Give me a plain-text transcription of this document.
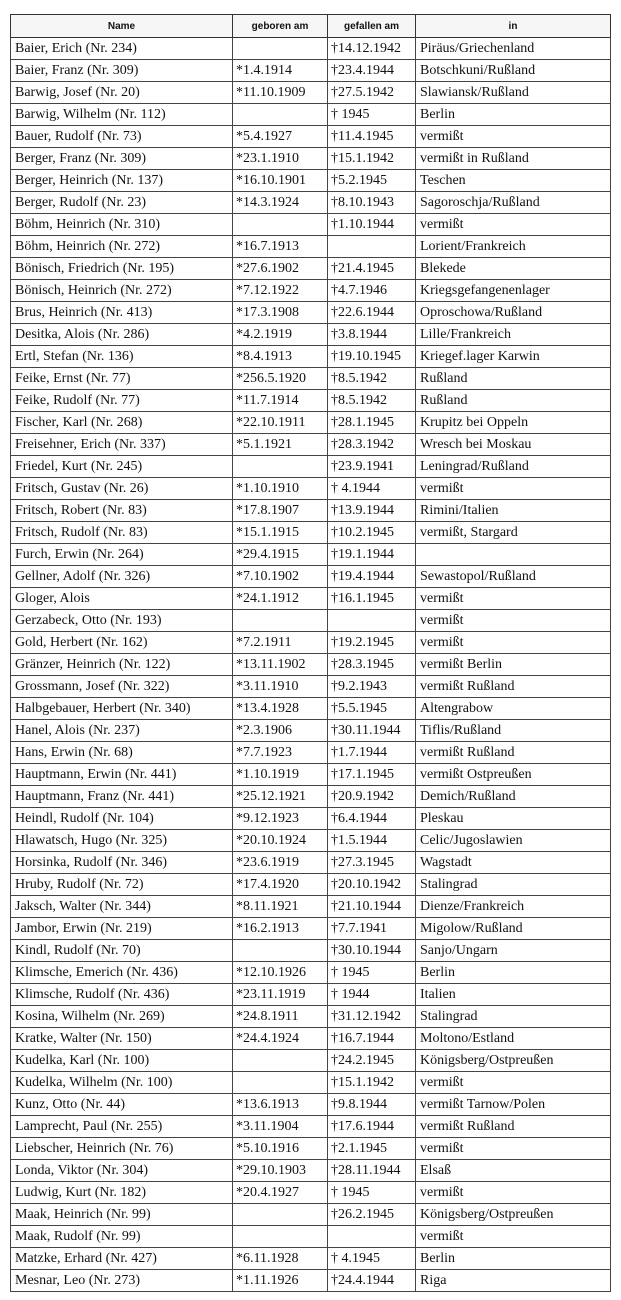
Name	geboren am	gefallen am	in
Baier, Erich (Nr. 234)		†14.12.1942	Piräus/Griechenland
Baier, Franz (Nr. 309)	*1.4.1914	†23.4.1944	Botschkuni/Rußland
Barwig, Josef (Nr. 20)	*11.10.1909	†27.5.1942	Slawiansk/Rußland
Barwig, Wilhelm (Nr. 112)		† 1945	Berlin
Bauer, Rudolf (Nr. 73)	*5.4.1927	†11.4.1945	vermißt
Berger, Franz (Nr. 309)	*23.1.1910	†15.1.1942	vermißt in Rußland
Berger, Heinrich (Nr. 137)	*16.10.1901	†5.2.1945	Teschen
Berger, Rudolf (Nr. 23)	*14.3.1924	†8.10.1943	Sagoroschja/Rußland
Böhm, Heinrich (Nr. 310)		†1.10.1944	vermißt
Böhm, Heinrich (Nr. 272)	*16.7.1913		Lorient/Frankreich
Bönisch, Friedrich (Nr. 195)	*27.6.1902	†21.4.1945	Blekede
Bönisch, Heinrich (Nr. 272)	*7.12.1922	†4.7.1946	Kriegsgefangenenlager
Brus, Heinrich (Nr. 413)	*17.3.1908	†22.6.1944	Oproschowa/Rußland
Desitka, Alois (Nr. 286)	*4.2.1919	†3.8.1944	Lille/Frankreich
Ertl, Stefan (Nr. 136)	*8.4.1913	†19.10.1945	Kriegef.lager Karwin
Feike, Ernst (Nr. 77)	*256.5.1920	†8.5.1942	Rußland
Feike, Rudolf (Nr. 77)	*11.7.1914	†8.5.1942	Rußland
Fischer, Karl (Nr. 268)	*22.10.1911	†28.1.1945	Krupitz bei Oppeln
Freisehner, Erich (Nr. 337)	*5.1.1921	†28.3.1942	Wresch bei Moskau
Friedel, Kurt (Nr. 245)		†23.9.1941	Leningrad/Rußland
Fritsch, Gustav (Nr. 26)	*1.10.1910	† 4.1944	vermißt
Fritsch, Robert (Nr. 83)	*17.8.1907	†13.9.1944	Rimini/Italien
Fritsch, Rudolf (Nr. 83)	*15.1.1915	†10.2.1945	vermißt, Stargard
Furch, Erwin (Nr. 264)	*29.4.1915	†19.1.1944	
Gellner, Adolf (Nr. 326)	*7.10.1902	†19.4.1944	Sewastopol/Rußland
Gloger, Alois	*24.1.1912	†16.1.1945	vermißt
Gerzabeck, Otto (Nr. 193)			vermißt
Gold, Herbert (Nr. 162)	*7.2.1911	†19.2.1945	vermißt
Gränzer, Heinrich (Nr. 122)	*13.11.1902	†28.3.1945	vermißt Berlin
Grossmann, Josef (Nr. 322)	*3.11.1910	†9.2.1943	vermißt Rußland
Halbgebauer, Herbert (Nr. 340)	*13.4.1928	†5.5.1945	Altengrabow
Hanel, Alois (Nr. 237)	*2.3.1906	†30.11.1944	Tiflis/Rußland
Hans, Erwin (Nr. 68)	*7.7.1923	†1.7.1944	vermißt Rußland
Hauptmann, Erwin (Nr. 441)	*1.10.1919	†17.1.1945	vermißt Ostpreußen
Hauptmann, Franz (Nr. 441)	*25.12.1921	†20.9.1942	Demich/Rußland
Heindl, Rudolf (Nr. 104)	*9.12.1923	†6.4.1944	Pleskau
Hlawatsch, Hugo (Nr. 325)	*20.10.1924	†1.5.1944	Celic/Jugoslawien
Horsinka, Rudolf (Nr. 346)	*23.6.1919	†27.3.1945	Wagstadt
Hruby, Rudolf (Nr. 72)	*17.4.1920	†20.10.1942	Stalingrad
Jaksch, Walter (Nr. 344)	*8.11.1921	†21.10.1944	Dienze/Frankreich
Jambor, Erwin (Nr. 219)	*16.2.1913	†7.7.1941	Migolow/Rußland
Kindl, Rudolf (Nr. 70)		†30.10.1944	Sanjo/Ungarn
Klimsche, Emerich (Nr. 436)	*12.10.1926	† 1945	Berlin
Klimsche, Rudolf (Nr. 436)	*23.11.1919	† 1944	Italien
Kosina, Wilhelm (Nr. 269)	*24.8.1911	†31.12.1942	Stalingrad
Kratke, Walter (Nr. 150)	*24.4.1924	†16.7.1944	Moltono/Estland
Kudelka, Karl (Nr. 100)		†24.2.1945	Königsberg/Ostpreußen
Kudelka, Wilhelm (Nr. 100)		†15.1.1942	vermißt
Kunz, Otto (Nr. 44)	*13.6.1913	†9.8.1944	vermißt Tarnow/Polen
Lamprecht, Paul (Nr. 255)	*3.11.1904	†17.6.1944	vermißt Rußland
Liebscher, Heinrich (Nr. 76)	*5.10.1916	†2.1.1945	vermißt
Londa, Viktor (Nr. 304)	*29.10.1903	†28.11.1944	Elsaß
Ludwig, Kurt (Nr. 182)	*20.4.1927	† 1945	vermißt
Maak, Heinrich (Nr. 99)		†26.2.1945	Königsberg/Ostpreußen
Maak, Rudolf (Nr. 99)			vermißt
Matzke, Erhard (Nr. 427)	*6.11.1928	† 4.1945	Berlin
Mesnar, Leo (Nr. 273)	*1.11.1926	†24.4.1944	Riga
